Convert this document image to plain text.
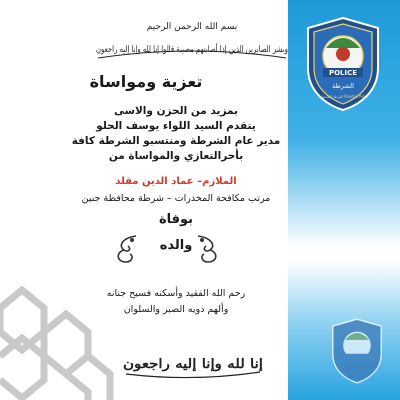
بسم الله الرحمن الرحيم
وبشر الصابرين الذين إذا أصابتهم مصيبة قالوا إنا لله وإنا إليه راجعون
تعزية ومواساة
بمزيد من الحزن والاسى
يتقدم السيد اللواء يوسف الحلو
مدير عام الشرطة ومنتسبو الشرطة كافة
بأحرالتعازي والمواساة من
الملازم– عماد الدين مقلد
مرتب مكافحة المخدرات – شرطة محافظة جنين
بوفاة
والده
رحم الله الفقيد وأسكنه فسيح جنانه
وألهم ذويه الصبر والسلوان
إنا لله وإنا إليه راجعون
POLICE
الشرطة
الشرطة الفلسطينية Palestine Police
